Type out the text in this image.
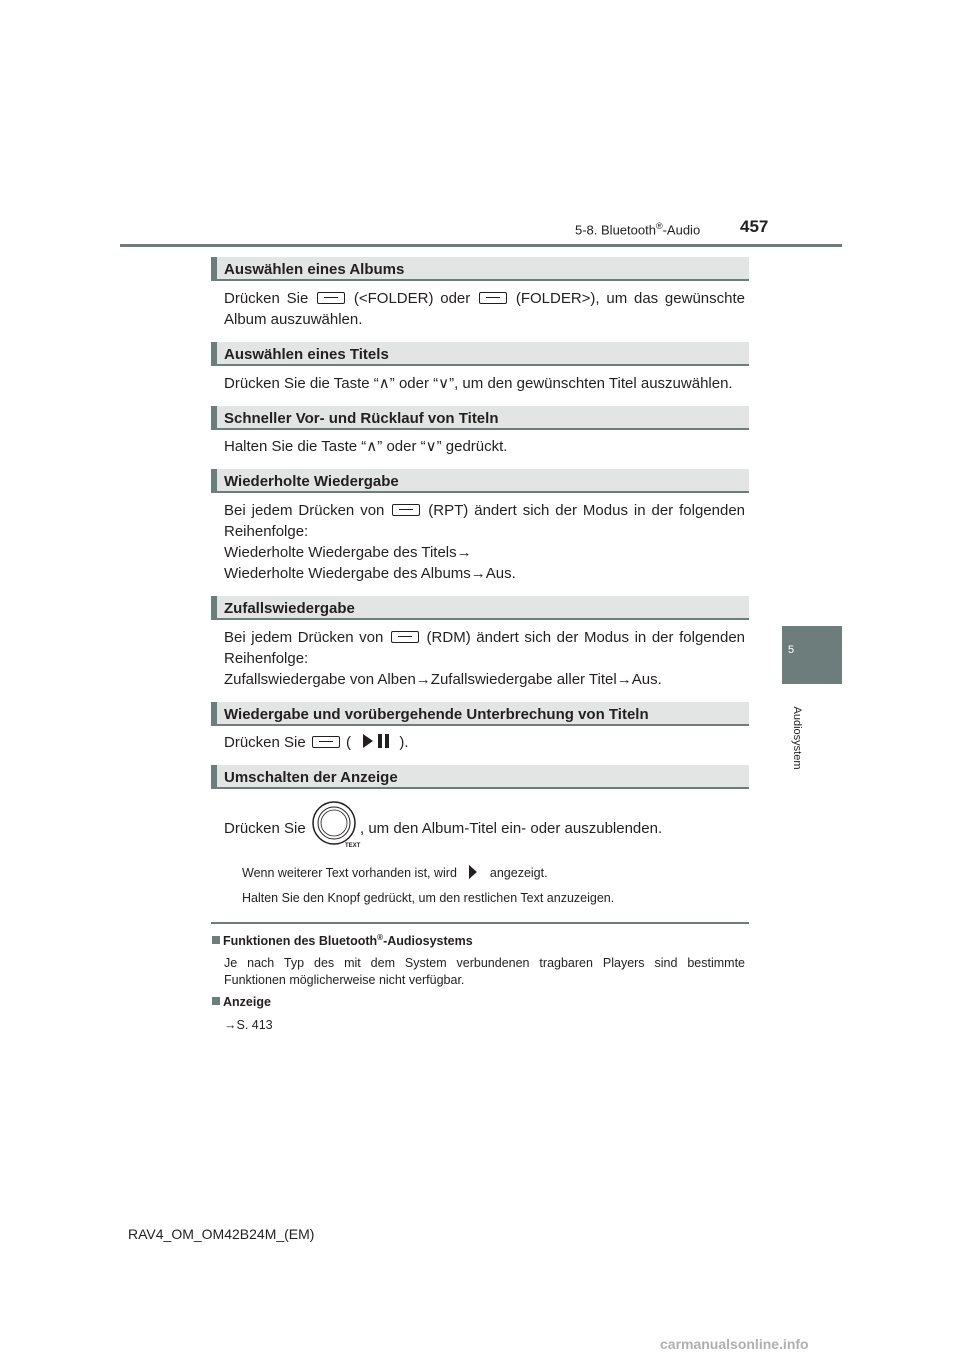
5-8. Bluetooth®-Audio 457
5
Audiosystem
Auswählen eines Albums
Drücken Sie	(<FOLDER) oder	(FOLDER>), um das gewünschte
Album auszuwählen.
Auswählen eines Titels
Drücken Sie die Taste “∧” oder “∨”, um den gewünschten Titel auszuwählen.
Schneller Vor- und Rücklauf von Titeln
Halten Sie die Taste “∧” oder “∨” gedrückt.
Wiederholte Wiedergabe
Bei jedem Drücken von	(RPT) ändert sich der Modus in der folgenden
Reihenfolge:
Wiederholte Wiedergabe des Titels→
Wiederholte Wiedergabe des Albums→Aus.
Zufallswiedergabe
Bei jedem Drücken von	(RDM) ändert sich der Modus in der folgenden
Reihenfolge:
Zufallswiedergabe von Alben→Zufallswiedergabe aller Titel→Aus.
Wiedergabe und vorübergehende Unterbrechung von Titeln
Drücken Sie	(	).
Umschalten der Anzeige
Drücken Sie
TEXT
, um den Album-Titel ein- oder auszublenden.
Wenn weiterer Text vorhanden ist, wird	angezeigt.
Halten Sie den Knopf gedrückt, um den restlichen Text anzuzeigen.
Funktionen des Bluetooth®-Audiosystems
Je nach Typ des mit dem System verbundenen tragbaren Players sind bestimmte
Funktionen möglicherweise nicht verfügbar.
Anzeige
→S. 413
RAV4_OM_OM42B24M_(EM)
carmanualsonline.info
